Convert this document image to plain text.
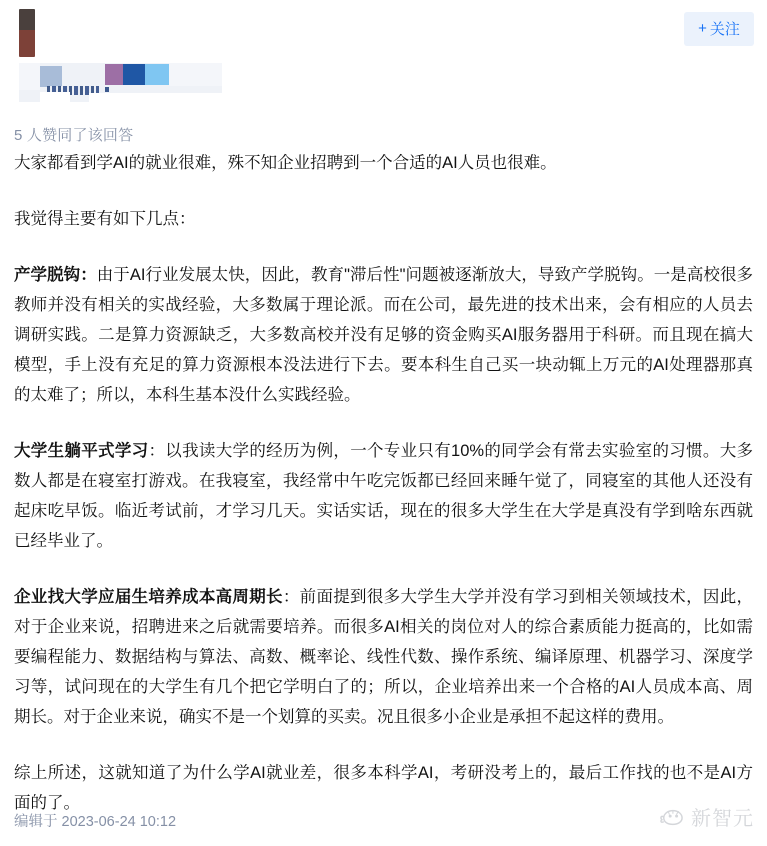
+ 关注
5 人赞同了该回答

大家都看到学AI的就业很难，殊不知企业招聘到一个合适的AI人员也很难。

我觉得主要有如下几点：

产学脱钩：由于AI行业发展太快，因此，教育"滞后性"问题被逐渐放大，导致产学脱钩。一是高校很多教师并没有相关的实战经验，大多数属于理论派。而在公司，最先进的技术出来，会有相应的人员去调研实践。二是算力资源缺乏，大多数高校并没有足够的资金购买AI服务器用于科研。而且现在搞大模型，手上没有充足的算力资源根本没法进行下去。要本科生自己买一块动辄上万元的AI处理器那真的太难了；所以，本科生基本没什么实践经验。

大学生躺平式学习：以我读大学的经历为例，一个专业只有10%的同学会有常去实验室的习惯。大多数人都是在寝室打游戏。在我寝室，我经常中午吃完饭都已经回来睡午觉了，同寝室的其他人还没有起床吃早饭。临近考试前，才学习几天。实话实话，现在的很多大学生在大学是真没有学到啥东西就已经毕业了。

企业找大学应届生培养成本高周期长：前面提到很多大学生大学并没有学习到相关领域技术，因此，对于企业来说，招聘进来之后就需要培养。而很多AI相关的岗位对人的综合素质能力挺高的，比如需要编程能力、数据结构与算法、高数、概率论、线性代数、操作系统、编译原理、机器学习、深度学习等，试问现在的大学生有几个把它学明白了的；所以，企业培养出来一个合格的AI人员成本高、周期长。对于企业来说，确实不是一个划算的买卖。况且很多小企业是承担不起这样的费用。

综上所述，这就知道了为什么学AI就业差，很多本科学AI，考研没考上的，最后工作找的也不是AI方面的了。

编辑于 2023-06-24 10:12	新智元
